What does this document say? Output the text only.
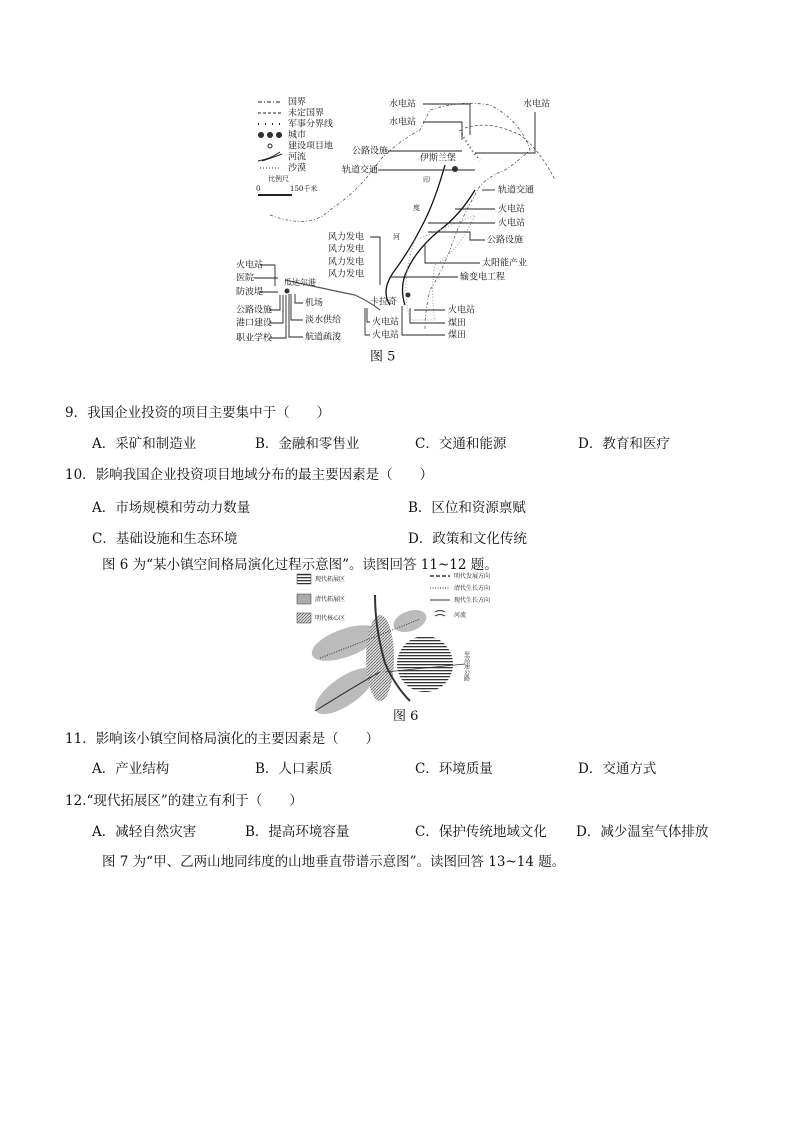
国界
未定国界
军事分界线
城市
建设项目地
河流
沙漠
比例尺
0	150千米
水电站
水电站
水电站
公路设施
伊斯兰堡
轨道交通
轨道交通
火电站
火电站
公路设施
太阳能产业
输变电工程
火电站
煤田
煤田
风力发电
风力发电
风力发电
风力发电
火电站
医院
防波堤
公路设施
港口建设
职业学校
瓜达尔港
机场
淡水供给
航道疏浚
卡拉奇
火电站
火电站
印
度
河
图 5
9．我国企业投资的项目主要集中于（　　）
A．采矿和制造业	B．金融和零售业	C．交通和能源	D．教育和医疗
10．影响我国企业投资项目地域分布的最主要因素是（　　）
A．市场规模和劳动力数量	B．区位和资源禀赋
C．基础设施和生态环境	D．政策和文化传统
图 6 为“某小镇空间格局演化过程示意图”。读图回答 11~12 题。
现代拓展区
清代拓展区
明代核心区
明代发展方向
清代生长方向
现代生长方向
河流
至高速公路
图 6
11．影响该小镇空间格局演化的主要因素是（　　）
A．产业结构	B．人口素质	C．环境质量	D．交通方式
12.“现代拓展区”的建立有利于（　　）
A．减轻自然灾害	B．提高环境容量	C．保护传统地域文化 D．减少温室气体排放
图 7 为“甲、乙两山地同纬度的山地垂直带谱示意图”。读图回答 13~14 题。
